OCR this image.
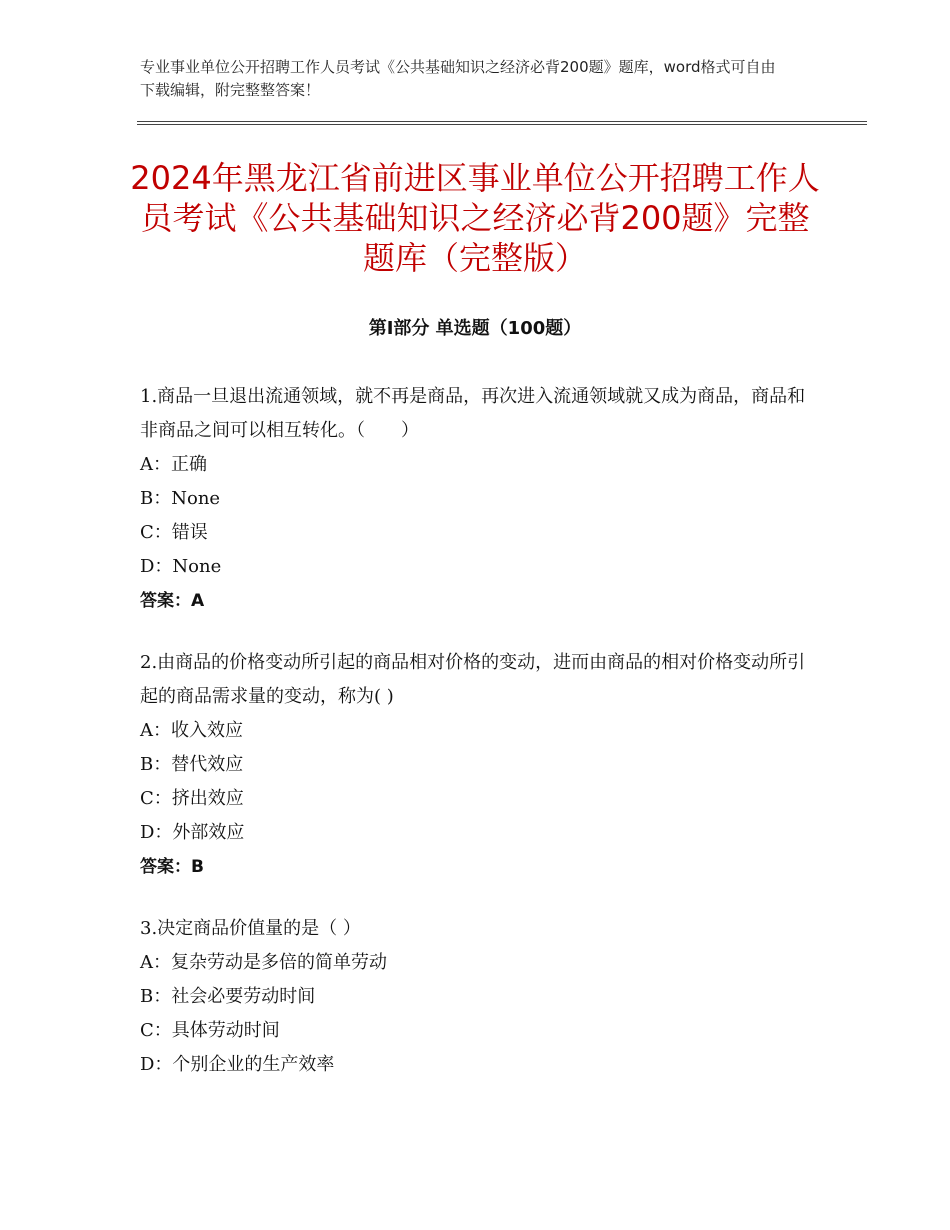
专业事业单位公开招聘工作人员考试《公共基础知识之经济必背200题》题库，word格式可自由下载编辑，附完整整答案！
2024年黑龙江省前进区事业单位公开招聘工作人员考试《公共基础知识之经济必背200题》完整题库（完整版）
第Ⅰ部分 单选题（100题）

1.商品一旦退出流通领域，就不再是商品，再次进入流通领域就又成为商品，商品和非商品之间可以相互转化。（　　）

A：正确

B：None

C：错误

D：None

答案：A

2.由商品的价格变动所引起的商品相对价格的变动，进而由商品的相对价格变动所引起的商品需求量的变动，称为( )

A：收入效应

B：替代效应

C：挤出效应

D：外部效应

答案：B

3.决定商品价值量的是（ ）

A：复杂劳动是多倍的简单劳动

B：社会必要劳动时间

C：具体劳动时间

D：个别企业的生产效率
